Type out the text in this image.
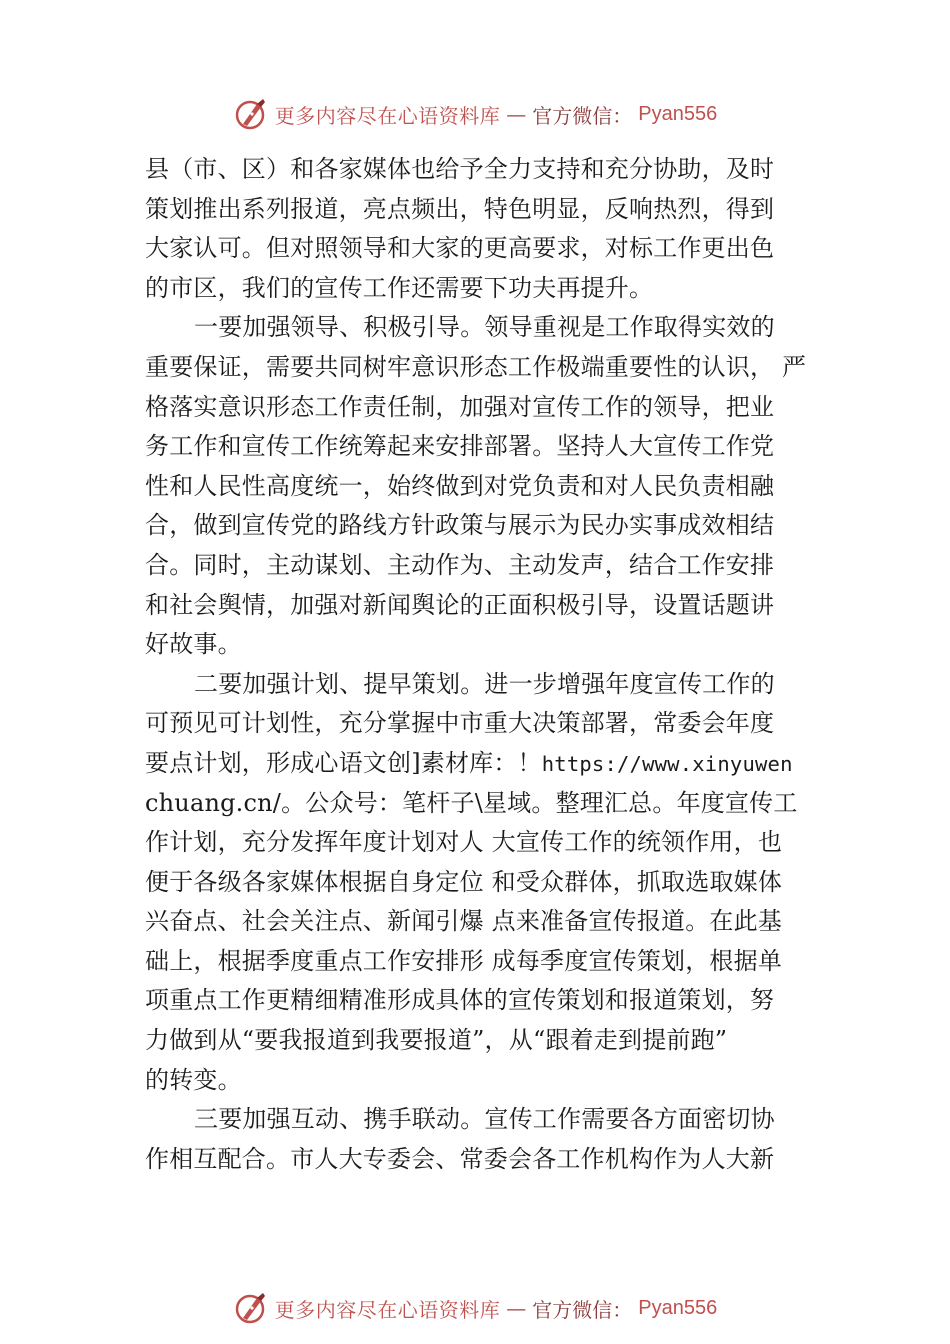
更多内容尽在心语资料库 — 官方微信： Pyan556
县（市、区）和各家媒体也给予全力支持和充分协助，及时
策划推出系列报道，亮点频出，特色明显，反响热烈，得到
大家认可。但对照领导和大家的更高要求，对标工作更出色
的市区，我们的宣传工作还需要下功夫再提升。
一要加强领导、积极引导。领导重视是工作取得实效的
重要保证，需要共同树牢意识形态工作极端重要性的认识， 严
格落实意识形态工作责任制，加强对宣传工作的领导，把业
务工作和宣传工作统筹起来安排部署。坚持人大宣传工作党
性和人民性高度统一，始终做到对党负责和对人民负责相融
合，做到宣传党的路线方针政策与展示为民办实事成效相结
合。同时，主动谋划、主动作为、主动发声，结合工作安排
和社会舆情，加强对新闻舆论的正面积极引导，设置话题讲
好故事。
二要加强计划、提早策划。进一步增强年度宣传工作的
可预见可计划性，充分掌握中市重大决策部署，常委会年度
要点计划，形成心语文创]素材库：！https://www.xinyuwen
chuang.cn/。公众号：笔杆子\星域。整理汇总。年度宣传工
作计划，充分发挥年度计划对人 大宣传工作的统领作用，也
便于各级各家媒体根据自身定位 和受众群体，抓取选取媒体
兴奋点、社会关注点、新闻引爆 点来准备宣传报道。在此基
础上，根据季度重点工作安排形 成每季度宣传策划，根据单
项重点工作更精细精准形成具体的宣传策划和报道策划，努
力做到从“要我报道到我要报道”，从“跟着走到提前跑”
的转变。
三要加强互动、携手联动。宣传工作需要各方面密切协
作相互配合。市人大专委会、常委会各工作机构作为人大新
更多内容尽在心语资料库 — 官方微信： Pyan556
